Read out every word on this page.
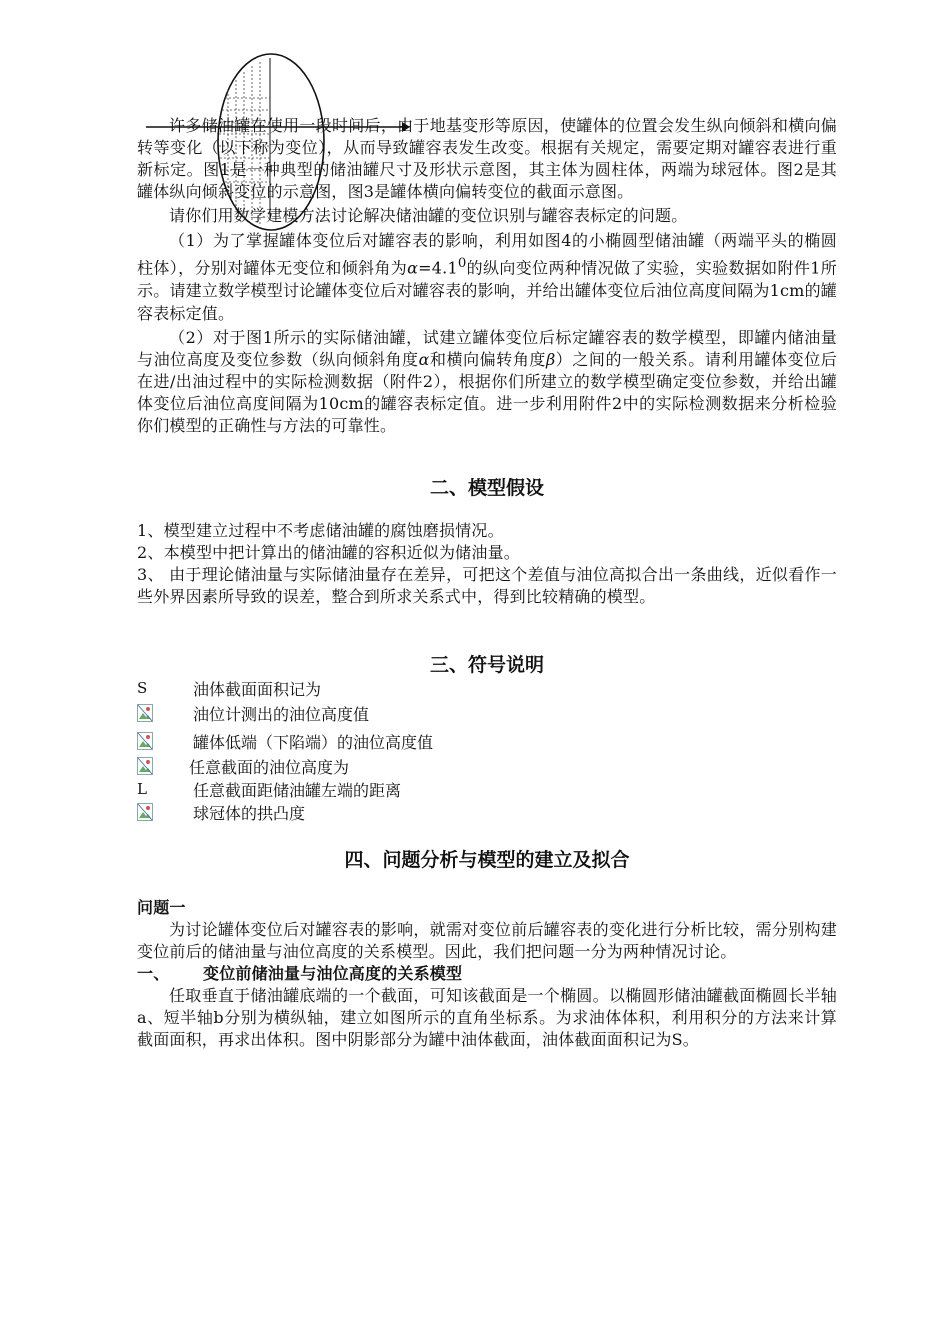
许多储油罐在使用一段时间后，由于地基变形等原因，使罐体的位置会发生纵向倾斜和横向偏转等变化（以下称为变位），从而导致罐容表发生改变。根据有关规定，需要定期对罐容表进行重新标定。图1是一种典型的储油罐尺寸及形状示意图，其主体为圆柱体，两端为球冠体。图2是其罐体纵向倾斜变位的示意图，图3是罐体横向偏转变位的截面示意图。

请你们用数学建模方法讨论解决储油罐的变位识别与罐容表标定的问题。

（1）为了掌握罐体变位后对罐容表的影响，利用如图4的小椭圆型储油罐（两端平头的椭圆柱体），分别对罐体无变位和倾斜角为$\alpha=4.1^0$的纵向变位两种情况做了实验，实验数据如附件1所示。请建立数学模型讨论罐体变位后对罐容表的影响，并给出罐体变位后油位高度间隔为1cm的罐容表标定值。

（2）对于图1所示的实际储油罐，试建立罐体变位后标定罐容表的数学模型，即罐内储油量与油位高度及变位参数（纵向倾斜角度α和横向偏转角度β）之间的一般关系。请利用罐体变位后在进/出油过程中的实际检测数据（附件2），根据你们所建立的数学模型确定变位参数，并给出罐体变位后油位高度间隔为10cm的罐容表标定值。进一步利用附件2中的实际检测数据来分析检验你们模型的正确性与方法的可靠性。

二、模型假设

1、模型建立过程中不考虑储油罐的腐蚀磨损情况。

2、本模型中把计算出的储油罐的容积近似为储油量。

3、 由于理论储油量与实际储油量存在差异，可把这个差值与油位高拟合出一条曲线，近似看作一些外界因素所导致的误差，整合到所求关系式中，得到比较精确的模型。

三、符号说明
S	油体截面面积记为
油位计测出的油位高度值
罐体低端（下陷端）的油位高度值
任意截面的油位高度为
L	任意截面距储油罐左端的距离
球冠体的拱凸度
四、问题分析与模型的建立及拟合

问题一

为讨论罐体变位后对罐容表的影响，就需对变位前后罐容表的变化进行分析比较，需分别构建变位前后的储油量与油位高度的关系模型。因此，我们把问题一分为两种情况讨论。

一、	变位前储油量与油位高度的关系模型

任取垂直于储油罐底端的一个截面，可知该截面是一个椭圆。以椭圆形储油罐截面椭圆长半轴a、短半轴b分别为横纵轴，建立如图所示的直角坐标系。为求油体体积，利用积分的方法来计算截面面积，再求出体积。图中阴影部分为罐中油体截面，油体截面面积记为S。
